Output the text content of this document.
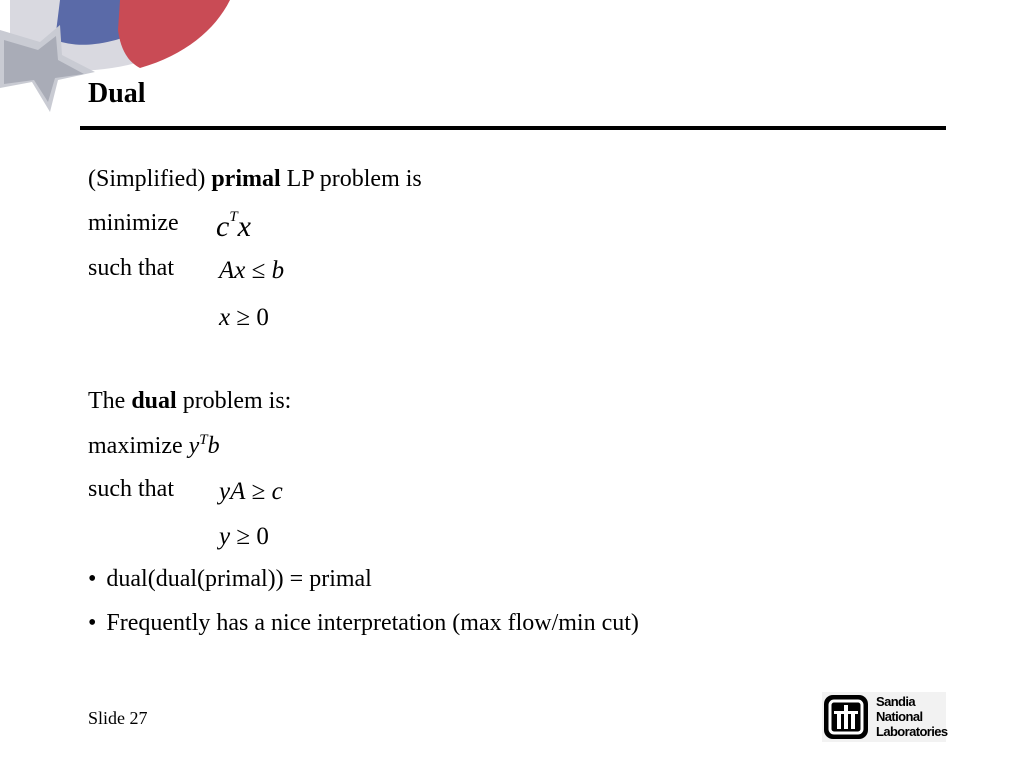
Dual
(Simplified) primal LP problem is
minimize $c^Tx$
such that Ax ≤ b
x ≥ 0
The dual problem is:
maximize $y^Tb$
such that yA ≥ c
y ≥ 0
• dual(dual(primal)) = primal
• Frequently has a nice interpretation (max flow/min cut)
Slide 27
Sandia
National
Laboratories
